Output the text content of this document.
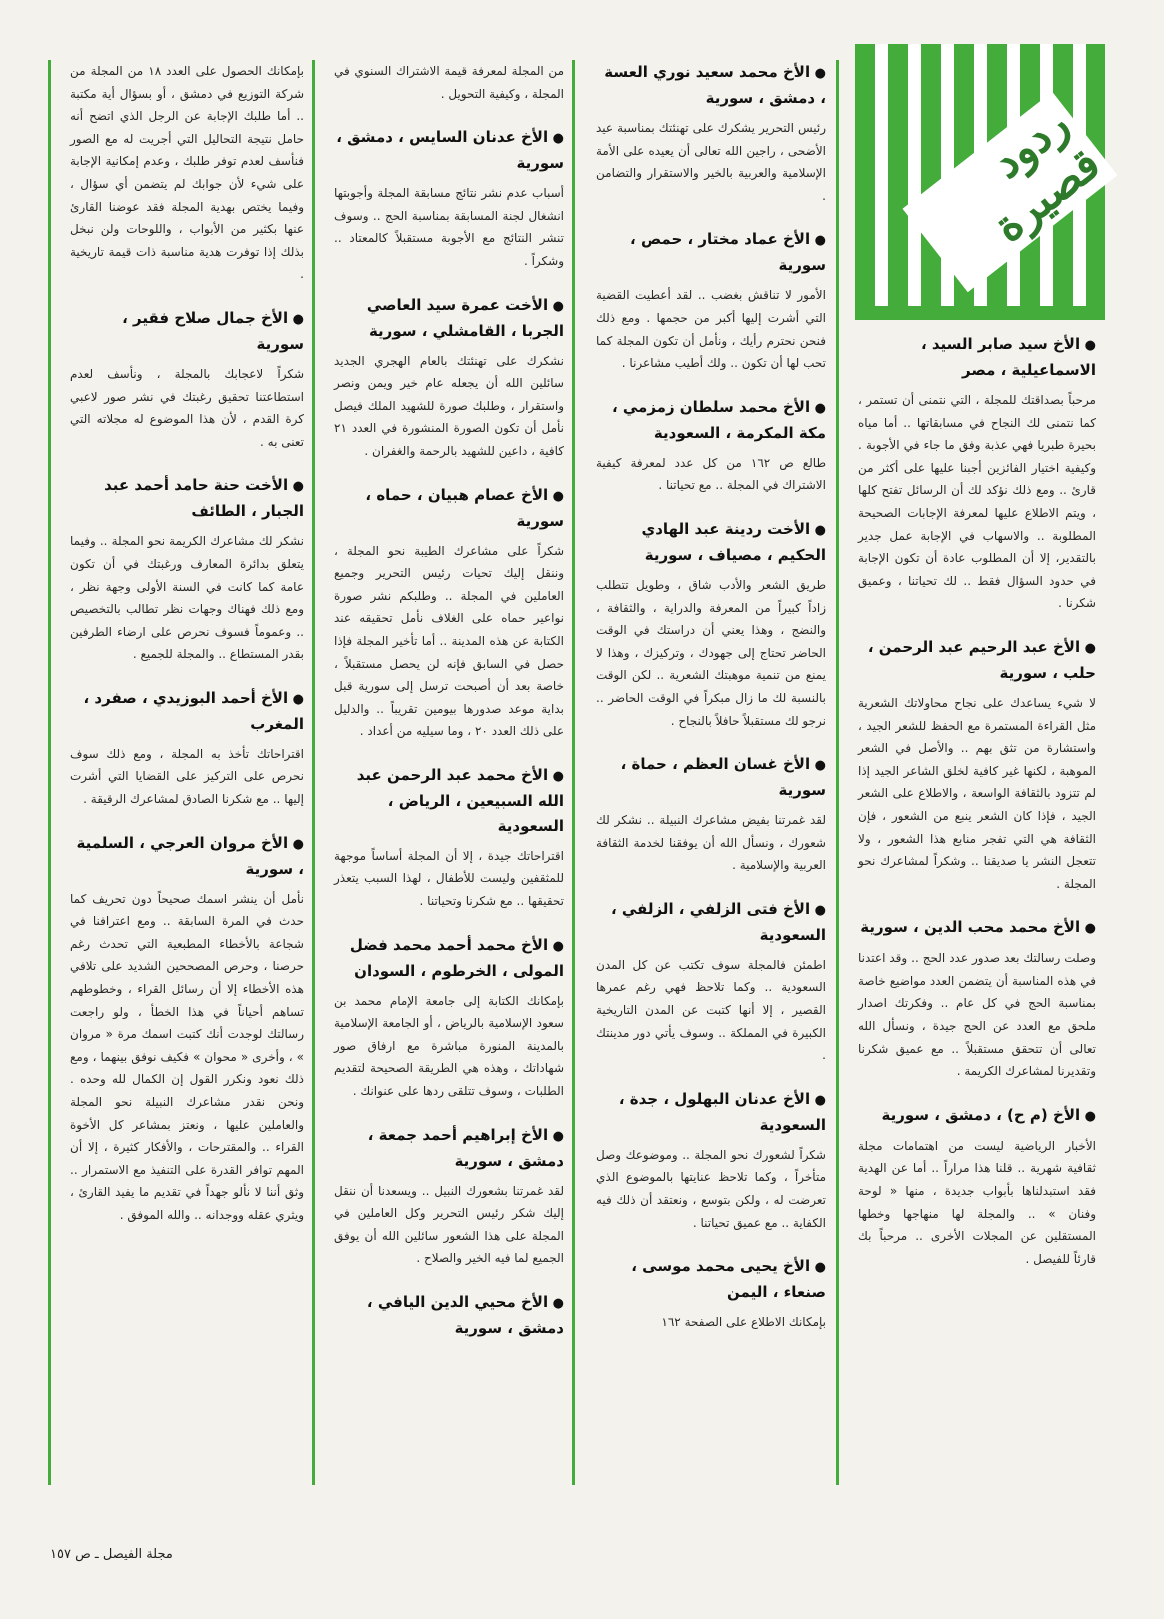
ردود قصيرة
● الأخ سيد صابر السيد ، الاسماعيلية ، مصر

مرحباً بصداقتك للمجلة ، التي نتمنى أن تستمر ، كما نتمنى لك النجاح في مسابقاتها .. أما مياه بحيرة طبريا فهي عذبة وفق ما جاء في الأجوبة . وكيفية اختيار الفائزين أجبنا عليها على أكثر من قارئ .. ومع ذلك نؤكد لك أن الرسائل تفتح كلها ، ويتم الاطلاع عليها لمعرفة الإجابات الصحيحة المطلوبة .. والاسهاب في الإجابة عمل جدير بالتقدير، إلا أن المطلوب عادة أن تكون الإجابة في حدود السؤال فقط .. لك تحياتنا ، وعميق شكرنا .

● الأخ عبد الرحيم عبد الرحمن ، حلب ، سورية

لا شيء يساعدك على نجاح محاولاتك الشعرية مثل القراءة المستمرة مع الحفظ للشعر الجيد ، واستشارة من تثق بهم .. والأصل في الشعر الموهبة ، لكنها غير كافية لخلق الشاعر الجيد إذا لم تتزود بالثقافة الواسعة ، والاطلاع على الشعر الجيد ، فإذا كان الشعر ينبع من الشعور ، فإن الثقافة هي التي تفجر منابع هذا الشعور ، ولا تتعجل النشر يا صديقنا .. وشكراً لمشاعرك نحو المجلة .

● الأخ محمد محب الدين ، سورية

وصلت رسالتك بعد صدور عدد الحج .. وقد اعتدنا في هذه المناسبة أن يتضمن العدد مواضيع خاصة بمناسبة الحج في كل عام .. وفكرتك اصدار ملحق مع العدد عن الحج جيدة ، ونسأل الله تعالى أن تتحقق مستقبلاً .. مع عميق شكرنا وتقديرنا لمشاعرك الكريمة .

● الأخ (م ح) ، دمشق ، سورية

الأخبار الرياضية ليست من اهتمامات مجلة ثقافية شهرية .. قلنا هذا مراراً .. أما عن الهدية فقد استبدلناها بأبواب جديدة ، منها « لوحة وفنان » .. والمجلة لها منهاجها وخطها المستقلين عن المجلات الأخرى .. مرحباً بك قارئاً للفيصل .

● الأخ محمد سعيد نوري العسة ، دمشق ، سورية

رئيس التحرير يشكرك على تهنئتك بمناسبة عيد الأضحى ، راجين الله تعالى أن يعيده على الأمة الإسلامية والعربية بالخير والاستقرار والتضامن .

● الأخ عماد مختار ، حمص ، سورية

الأمور لا تناقش بغضب .. لقد أعطيت القضية التي أشرت إليها أكبر من حجمها . ومع ذلك فنحن نحترم رأيك ، ونأمل أن تكون المجلة كما تحب لها أن تكون .. ولك أطيب مشاعرنا .

● الأخ محمد سلطان زمزمي ، مكة المكرمة ، السعودية

طالع ص ١٦٢ من كل عدد لمعرفة كيفية الاشتراك في المجلة .. مع تحياتنا .

● الأخت ردينة عبد الهادي الحكيم ، مصياف ، سورية

طريق الشعر والأدب شاق ، وطويل تتطلب زاداً كبيراً من المعرفة والدراية ، والثقافة ، والنضج ، وهذا يعني أن دراستك في الوقت الحاضر تحتاج إلى جهودك ، وتركيزك ، وهذا لا يمنع من تنمية موهبتك الشعرية .. لكن الوقت بالنسبة لك ما زال مبكراً في الوقت الحاضر .. نرجو لك مستقبلاً حافلاً بالنجاح .

● الأخ غسان العظم ، حماة ، سورية

لقد غمرتنا بفيض مشاعرك النبيلة .. نشكر لك شعورك ، ونسأل الله أن يوفقنا لخدمة الثقافة العربية والإسلامية .

● الأخ فتى الزلفي ، الزلفي ، السعودية

اطمئن فالمجلة سوف تكتب عن كل المدن السعودية .. وكما تلاحظ فهي رغم عمرها القصير ، إلا أنها كتبت عن المدن التاريخية الكبيرة في المملكة .. وسوف يأتي دور مدينتك .

● الأخ عدنان البهلول ، جدة ، السعودية

شكراً لشعورك نحو المجلة .. وموضوعك وصل متأخراً ، وكما تلاحظ عنايتها بالموضوع الذي تعرضت له ، ولكن بتوسع ، ونعتقد أن ذلك فيه الكفاية .. مع عميق تحياتنا .

● الأخ يحيى محمد موسى ، صنعاء ، اليمن

بإمكانك الاطلاع على الصفحة ١٦٢

من المجلة لمعرفة قيمة الاشتراك السنوي في المجلة ، وكيفية التحويل .

● الأخ عدنان السايس ، دمشق ، سورية

أسباب عدم نشر نتائج مسابقة المجلة وأجوبتها انشغال لجنة المسابقة بمناسبة الحج .. وسوف تنشر النتائج مع الأجوبة مستقبلاً كالمعتاد .. وشكراً .

● الأخت عمرة سيد العاصي الجربا ، القامشلي ، سورية

نشكرك على تهنئتك بالعام الهجري الجديد سائلين الله أن يجعله عام خير ويمن ونصر واستقرار ، وطلبك صورة للشهيد الملك فيصل نأمل أن تكون الصورة المنشورة في العدد ٢١ كافية ، داعين للشهيد بالرحمة والغفران .

● الأخ عصام هبيان ، حماه ، سورية

شكراً على مشاعرك الطيبة نحو المجلة ، وننقل إليك تحيات رئيس التحرير وجميع العاملين في المجلة .. وطلبكم نشر صورة نواعير حماه على الغلاف نأمل تحقيقه عند الكتابة عن هذه المدينة .. أما تأخير المجلة فإذا حصل في السابق فإنه لن يحصل مستقبلاً ، خاصة بعد أن أصبحت ترسل إلى سورية قبل بداية موعد صدورها بيومين تقريباً .. والدليل على ذلك العدد ٢٠ ، وما سيليه من أعداد .

● الأخ محمد عبد الرحمن عبد الله السبيعين ، الرياض ، السعودية

اقتراحاتك جيدة ، إلا أن المجلة أساساً موجهة للمثقفين وليست للأطفال ، لهذا السبب يتعذر تحقيقها .. مع شكرنا وتحياتنا .

● الأخ محمد أحمد محمد فضل المولى ، الخرطوم ، السودان

بإمكانك الكتابة إلى جامعة الإمام محمد بن سعود الإسلامية بالرياض ، أو الجامعة الإسلامية بالمدينة المنورة مباشرة مع ارفاق صور شهاداتك ، وهذه هي الطريقة الصحيحة لتقديم الطلبات ، وسوف تتلقى ردها على عنوانك .

● الأخ إبراهيم أحمد جمعة ، دمشق ، سورية

لقد غمرتنا بشعورك النبيل .. ويسعدنا أن ننقل إليك شكر رئيس التحرير وكل العاملين في المجلة على هذا الشعور سائلين الله أن يوفق الجميع لما فيه الخير والصلاح .

● الأخ محيي الدين اليافي ، دمشق ، سورية

بإمكانك الحصول على العدد ١٨ من المجلة من شركة التوزيع في دمشق ، أو بسؤال أية مكتبة .. أما طلبك الإجابة عن الرجل الذي اتضح أنه حامل نتيجة التحاليل التي أجريت له مع الصور فنأسف لعدم توفر طلبك ، وعدم إمكانية الإجابة على شيء لأن جوابك لم يتضمن أي سؤال ، وفيما يختص بهدية المجلة فقد عوضنا القارئ عنها بكثير من الأبواب ، واللوحات ولن نبخل بذلك إذا توفرت هدية مناسبة ذات قيمة تاريخية .

● الأخ جمال صلاح فقير ، سورية

شكراً لاعجابك بالمجلة ، ونأسف لعدم استطاعتنا تحقيق رغبتك في نشر صور لاعبي كرة القدم ، لأن هذا الموضوع له مجلاته التي تعنى به .

● الأخت حنة حامد أحمد عبد الجبار ، الطائف

نشكر لك مشاعرك الكريمة نحو المجلة .. وفيما يتعلق بدائرة المعارف ورغبتك في أن تكون عامة كما كانت في السنة الأولى وجهة نظر ، ومع ذلك فهناك وجهات نظر تطالب بالتخصيص .. وعموماً فسوف نحرص على ارضاء الطرفين بقدر المستطاع .. والمجلة للجميع .

● الأخ أحمد البوزيدي ، صفرد ، المغرب

اقتراحاتك تأخذ به المجلة ، ومع ذلك سوف نحرص على التركيز على القضايا التي أشرت إليها .. مع شكرنا الصادق لمشاعرك الرقيقة .

● الأخ مروان العرجي ، السلمية ، سورية

نأمل أن ينشر اسمك صحيحاً دون تحريف كما حدث في المرة السابقة .. ومع اعترافنا في شجاعة بالأخطاء المطبعية التي تحدث رغم حرصنا ، وحرص المصححين الشديد على تلافي هذه الأخطاء إلا أن رسائل القراء ، وخطوطهم تساهم أحياناً في هذا الخطأ ، ولو راجعت رسالتك لوجدت أنك كتبت اسمك مرة « مروان » ، وأخرى « محوان » فكيف نوفق بينهما ، ومع ذلك نعود ونكرر القول إن الكمال لله وحده . ونحن نقدر مشاعرك النبيلة نحو المجلة والعاملين عليها ، ونعتز بمشاعر كل الأخوة القراء .. والمقترحات ، والأفكار كثيرة ، إلا أن المهم توافر القدرة على التنفيذ مع الاستمرار .. وثق أننا لا نألو جهداً في تقديم ما يفيد القارئ ، ويثري عقله ووجدانه .. والله الموفق .

مجلة الفيصل ـ ص ١٥٧
